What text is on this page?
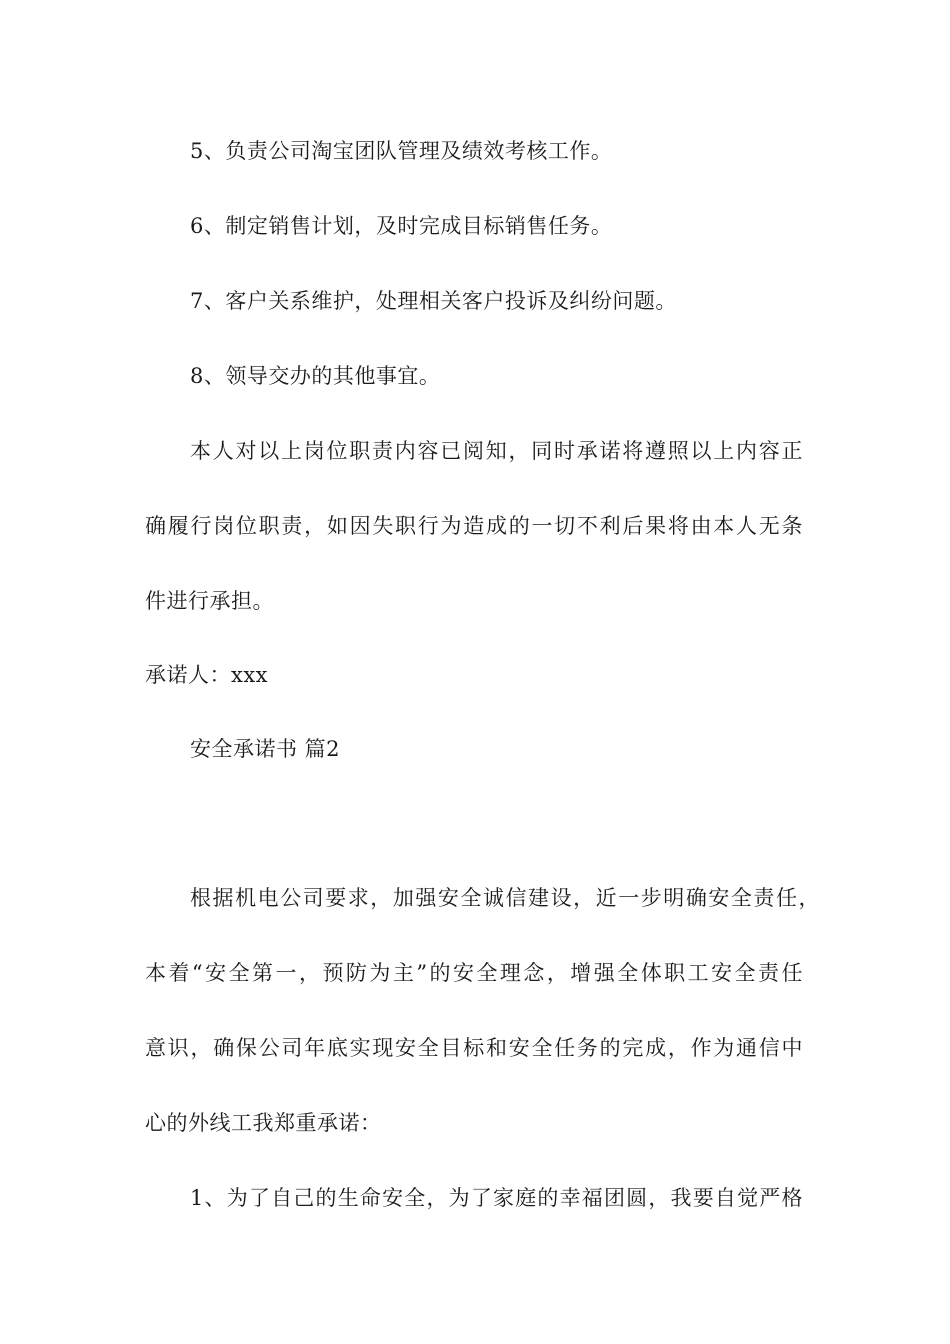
5、负责公司淘宝团队管理及绩效考核工作。

6、制定销售计划，及时完成目标销售任务。

7、客户关系维护，处理相关客户投诉及纠纷问题。

8、领导交办的其他事宜。

本人对以上岗位职责内容已阅知，同时承诺将遵照以上内容正

确履行岗位职责，如因失职行为造成的一切不利后果将由本人无条

件进行承担。

承诺人：xxx

安全承诺书 篇2

根据机电公司要求，加强安全诚信建设，近一步明确安全责任，

本着“安全第一，预防为主”的安全理念，增强全体职工安全责任

意识，确保公司年底实现安全目标和安全任务的完成，作为通信中

心的外线工我郑重承诺：

1、为了自己的生命安全，为了家庭的幸福团圆，我要自觉严格
